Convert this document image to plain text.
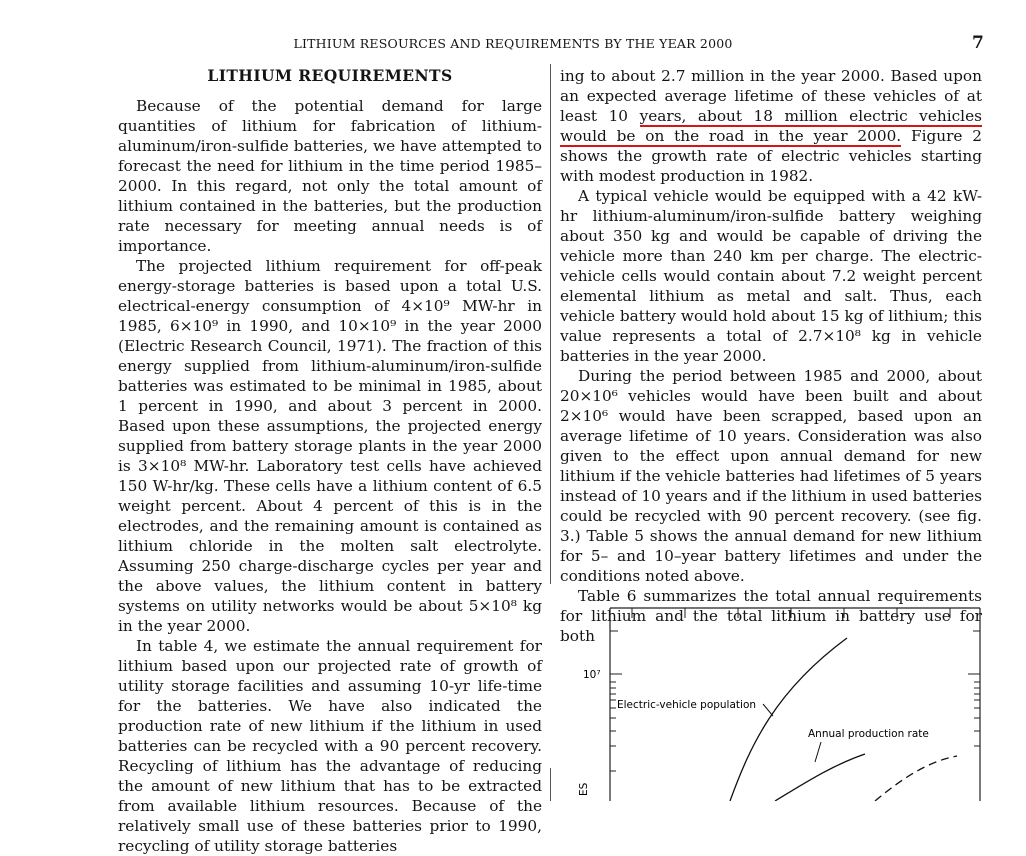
LITHIUM RESOURCES AND REQUIREMENTS BY THE YEAR 2000	7
LITHIUM REQUIREMENTS

Because of the potential demand for large quantities of lithium for fabrication of lithium-aluminum/iron-sulfide batteries, we have attempted to forecast the need for lithium in the time period 1985–2000. In this regard, not only the total amount of lithium contained in the batteries, but the production rate necessary for meeting annual needs is of importance.

The projected lithium requirement for off-peak energy-storage batteries is based upon a total U.S. electrical-energy consumption of 4×10⁹ MW-hr in 1985, 6×10⁹ in 1990, and 10×10⁹ in the year 2000 (Electric Research Council, 1971). The fraction of this energy supplied from lithium-aluminum/iron-sulfide batteries was estimated to be minimal in 1985, about 1 percent in 1990, and about 3 percent in 2000. Based upon these assumptions, the projected energy supplied from battery storage plants in the year 2000 is 3×10⁸ MW-hr. Laboratory test cells have achieved 150 W-hr/kg. These cells have a lithium content of 6.5 weight percent. About 4 percent of this is in the electrodes, and the remaining amount is contained as lithium chloride in the molten salt electrolyte. Assuming 250 charge-discharge cycles per year and the above values, the lithium content in battery systems on utility networks would be about 5×10⁸ kg in the year 2000.

In table 4, we estimate the annual requirement for lithium based upon our projected rate of growth of utility storage facilities and assuming 10-yr life-time for the batteries. We have also indicated the production rate of new lithium if the lithium in used batteries can be recycled with a 90 percent recovery. Recycling of lithium has the advantage of reducing the amount of new lithium that has to be extracted from available lithium resources. Because of the relatively small use of these batteries prior to 1990, recycling of utility storage batteries

ing to about 2.7 million in the year 2000. Based upon an expected average lifetime of these vehicles of at least 10 years, about 18 million electric vehicles would be on the road in the year 2000. Figure 2 shows the growth rate of electric vehicles starting with modest production in 1982.

A typical vehicle would be equipped with a 42 kW-hr lithium-aluminum/iron-sulfide battery weighing about 350 kg and would be capable of driving the vehicle more than 240 km per charge. The electric-vehicle cells would contain about 7.2 weight percent elemental lithium as metal and salt. Thus, each vehicle battery would hold about 15 kg of lithium; this value represents a total of 2.7×10⁸ kg in vehicle batteries in the year 2000.

During the period between 1985 and 2000, about 20×10⁶ vehicles would have been built and about 2×10⁶ would have been scrapped, based upon an average lifetime of 10 years. Consideration was also given to the effect upon annual demand for new lithium if the vehicle batteries had lifetimes of 5 years instead of 10 years and if the lithium in used batteries could be recycled with 90 percent recovery. (see fig. 3.) Table 5 shows the annual demand for new lithium for 5– and 10–year battery lifetimes and under the conditions noted above.

Table 6 summarizes the total annual requirements for lithium and the total lithium in battery use for both

10⁷
Electric-vehicle population
Annual production rate
ES
